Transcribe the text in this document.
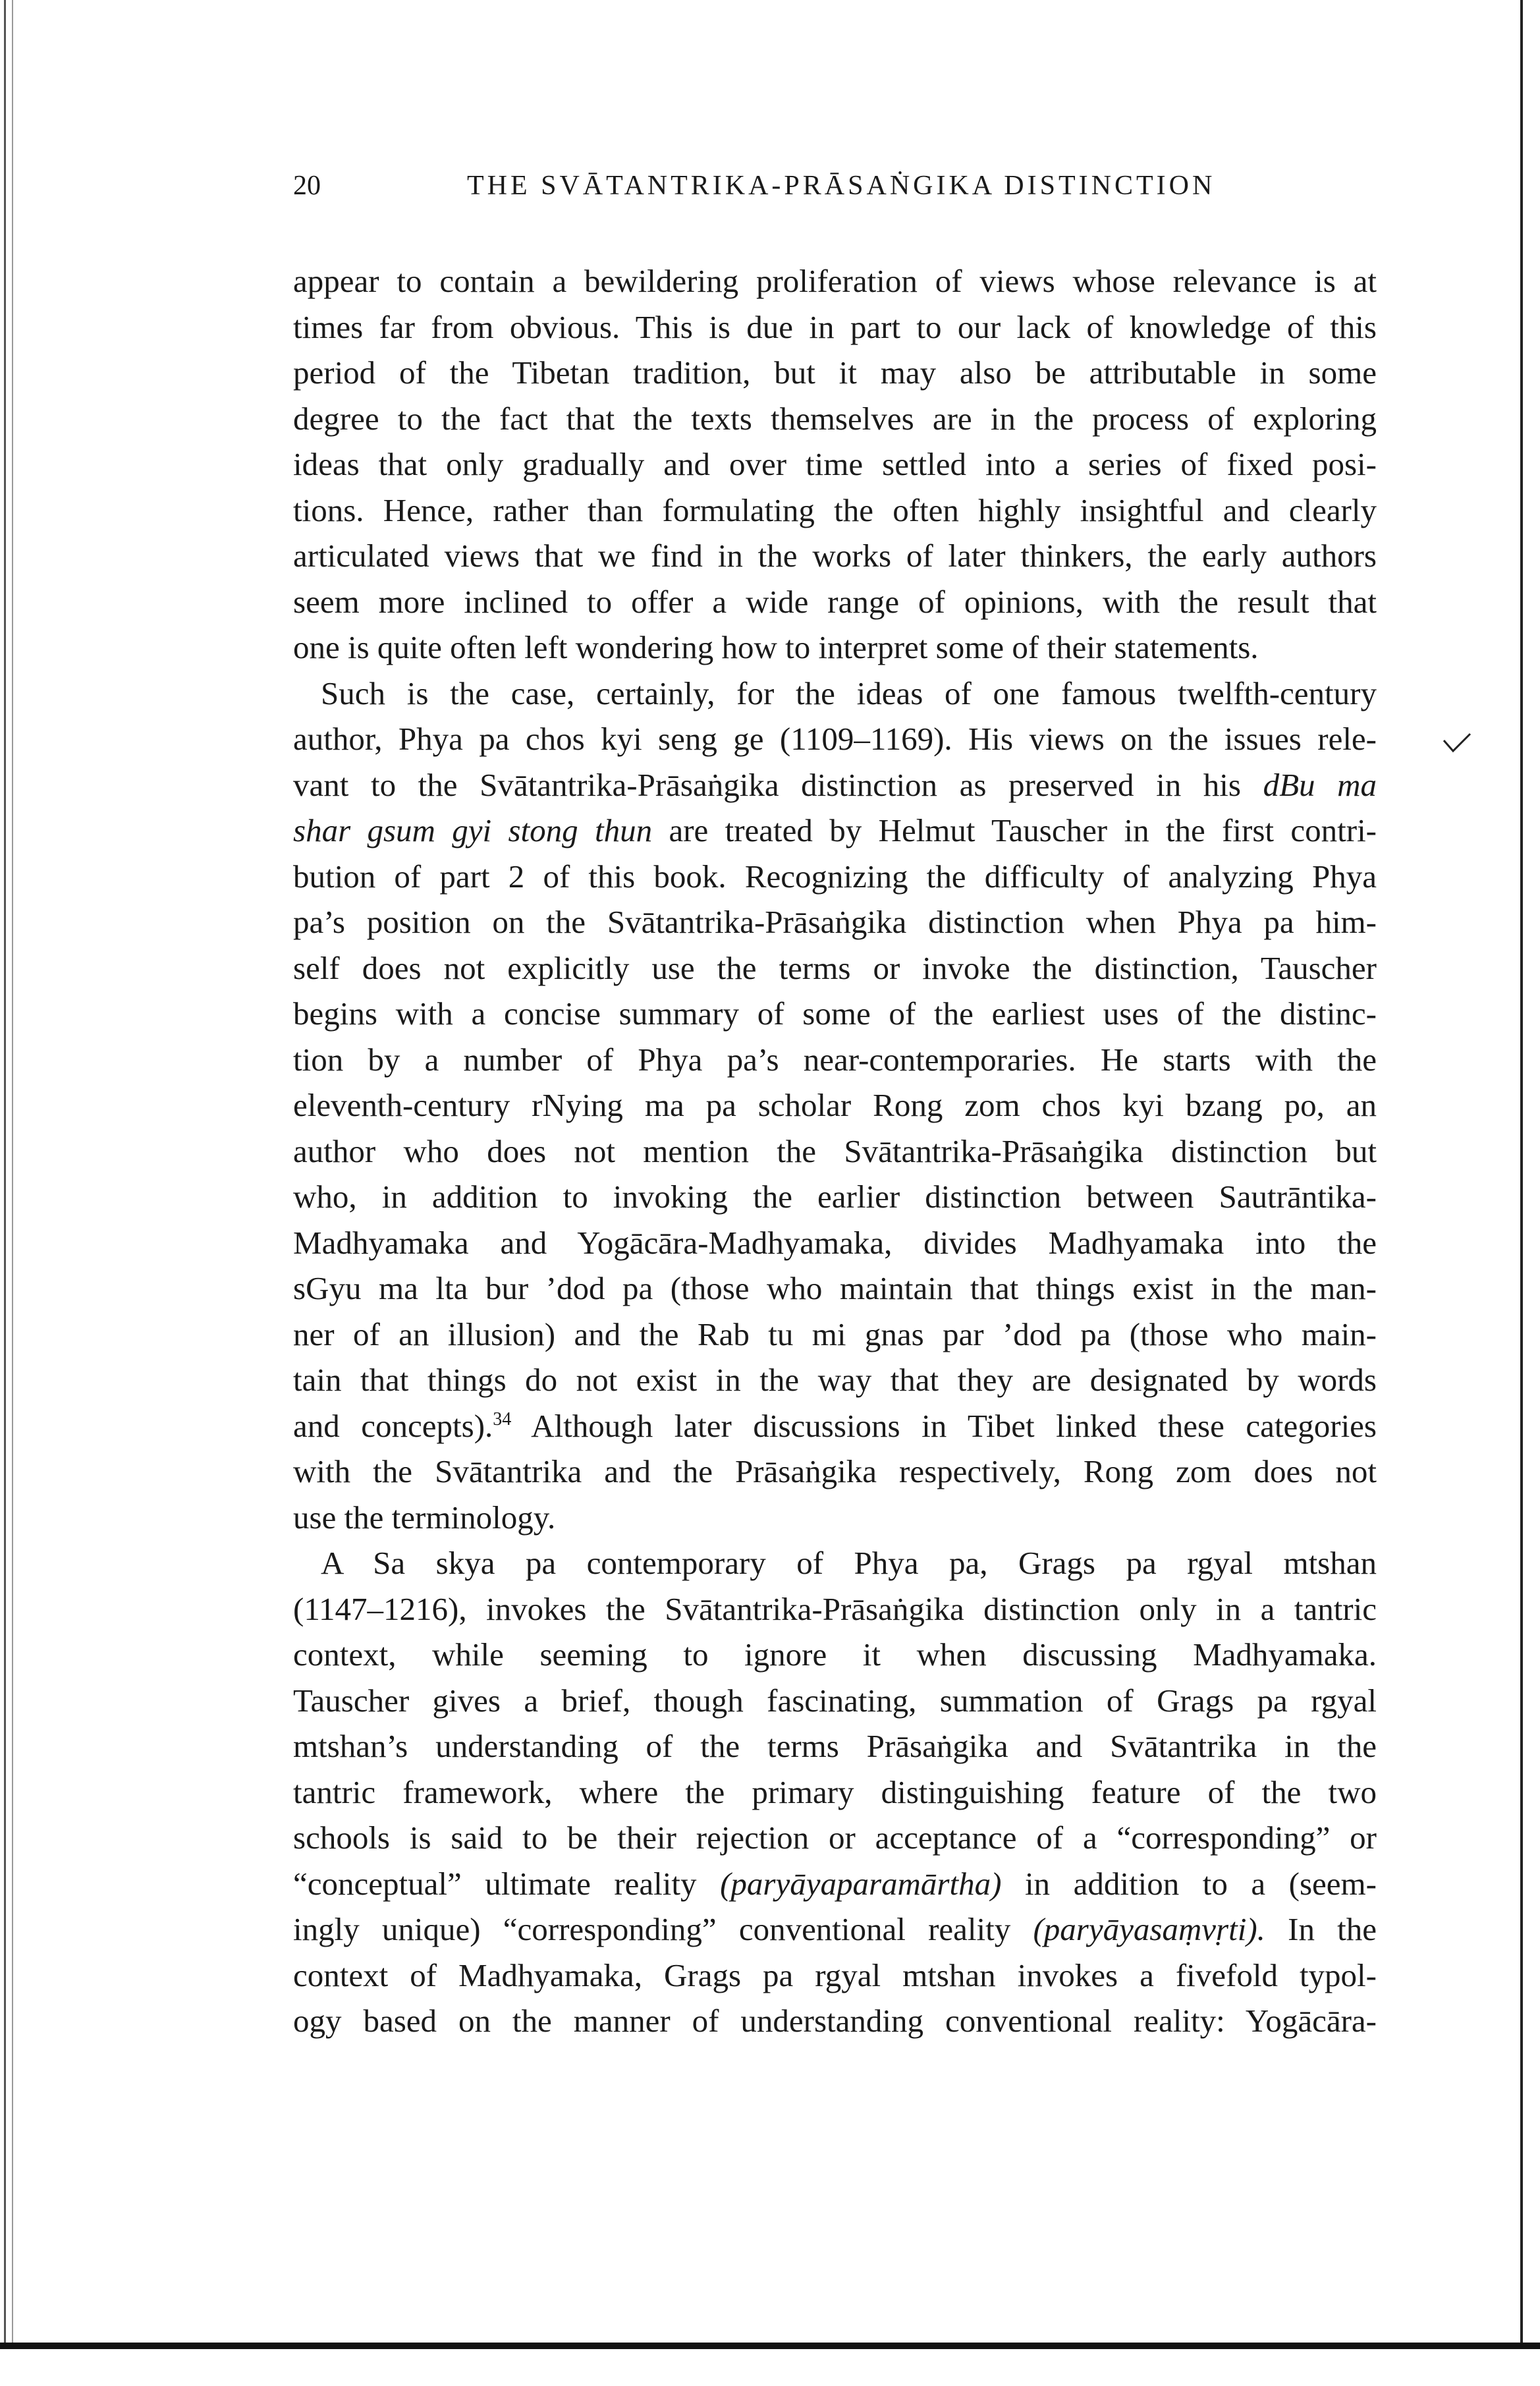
20	THE SVĀTANTRIKA-PRĀSAṄGIKA DISTINCTION
appear to contain a bewildering proliferation of views whose relevance is at
times far from obvious. This is due in part to our lack of knowledge of this
period of the Tibetan tradition, but it may also be attributable in some
degree to the fact that the texts themselves are in the process of exploring
ideas that only gradually and over time settled into a series of fixed posi-
tions. Hence, rather than formulating the often highly insightful and clearly
articulated views that we find in the works of later thinkers, the early authors
seem more inclined to offer a wide range of opinions, with the result that
one is quite often left wondering how to interpret some of their statements.
Such is the case, certainly, for the ideas of one famous twelfth-century
author, Phya pa chos kyi seng ge (1109–1169). His views on the issues rele-
vant to the Svātantrika-Prāsaṅgika distinction as preserved in his dBu ma
shar gsum gyi stong thun are treated by Helmut Tauscher in the first contri-
bution of part 2 of this book. Recognizing the difficulty of analyzing Phya
pa’s position on the Svātantrika-Prāsaṅgika distinction when Phya pa him-
self does not explicitly use the terms or invoke the distinction, Tauscher
begins with a concise summary of some of the earliest uses of the distinc-
tion by a number of Phya pa’s near-contemporaries. He starts with the
eleventh-century rNying ma pa scholar Rong zom chos kyi bzang po, an
author who does not mention the Svātantrika-Prāsaṅgika distinction but
who, in addition to invoking the earlier distinction between Sautrāntika-
Madhyamaka and Yogācāra-Madhyamaka, divides Madhyamaka into the
sGyu ma lta bur ’dod pa (those who maintain that things exist in the man-
ner of an illusion) and the Rab tu mi gnas par ’dod pa (those who main-
tain that things do not exist in the way that they are designated by words
and concepts).$^{34}$ Although later discussions in Tibet linked these categories
with the Svātantrika and the Prāsaṅgika respectively, Rong zom does not
use the terminology.
A Sa skya pa contemporary of Phya pa, Grags pa rgyal mtshan
(1147–1216), invokes the Svātantrika-Prāsaṅgika distinction only in a tantric
context, while seeming to ignore it when discussing Madhyamaka.
Tauscher gives a brief, though fascinating, summation of Grags pa rgyal
mtshan’s understanding of the terms Prāsaṅgika and Svātantrika in the
tantric framework, where the primary distinguishing feature of the two
schools is said to be their rejection or acceptance of a “corresponding” or
“conceptual” ultimate reality (paryāyaparamārtha) in addition to a (seem-
ingly unique) “corresponding” conventional reality (paryāyasaṃvṛti). In the
context of Madhyamaka, Grags pa rgyal mtshan invokes a fivefold typol-
ogy based on the manner of understanding conventional reality: Yogācāra-
